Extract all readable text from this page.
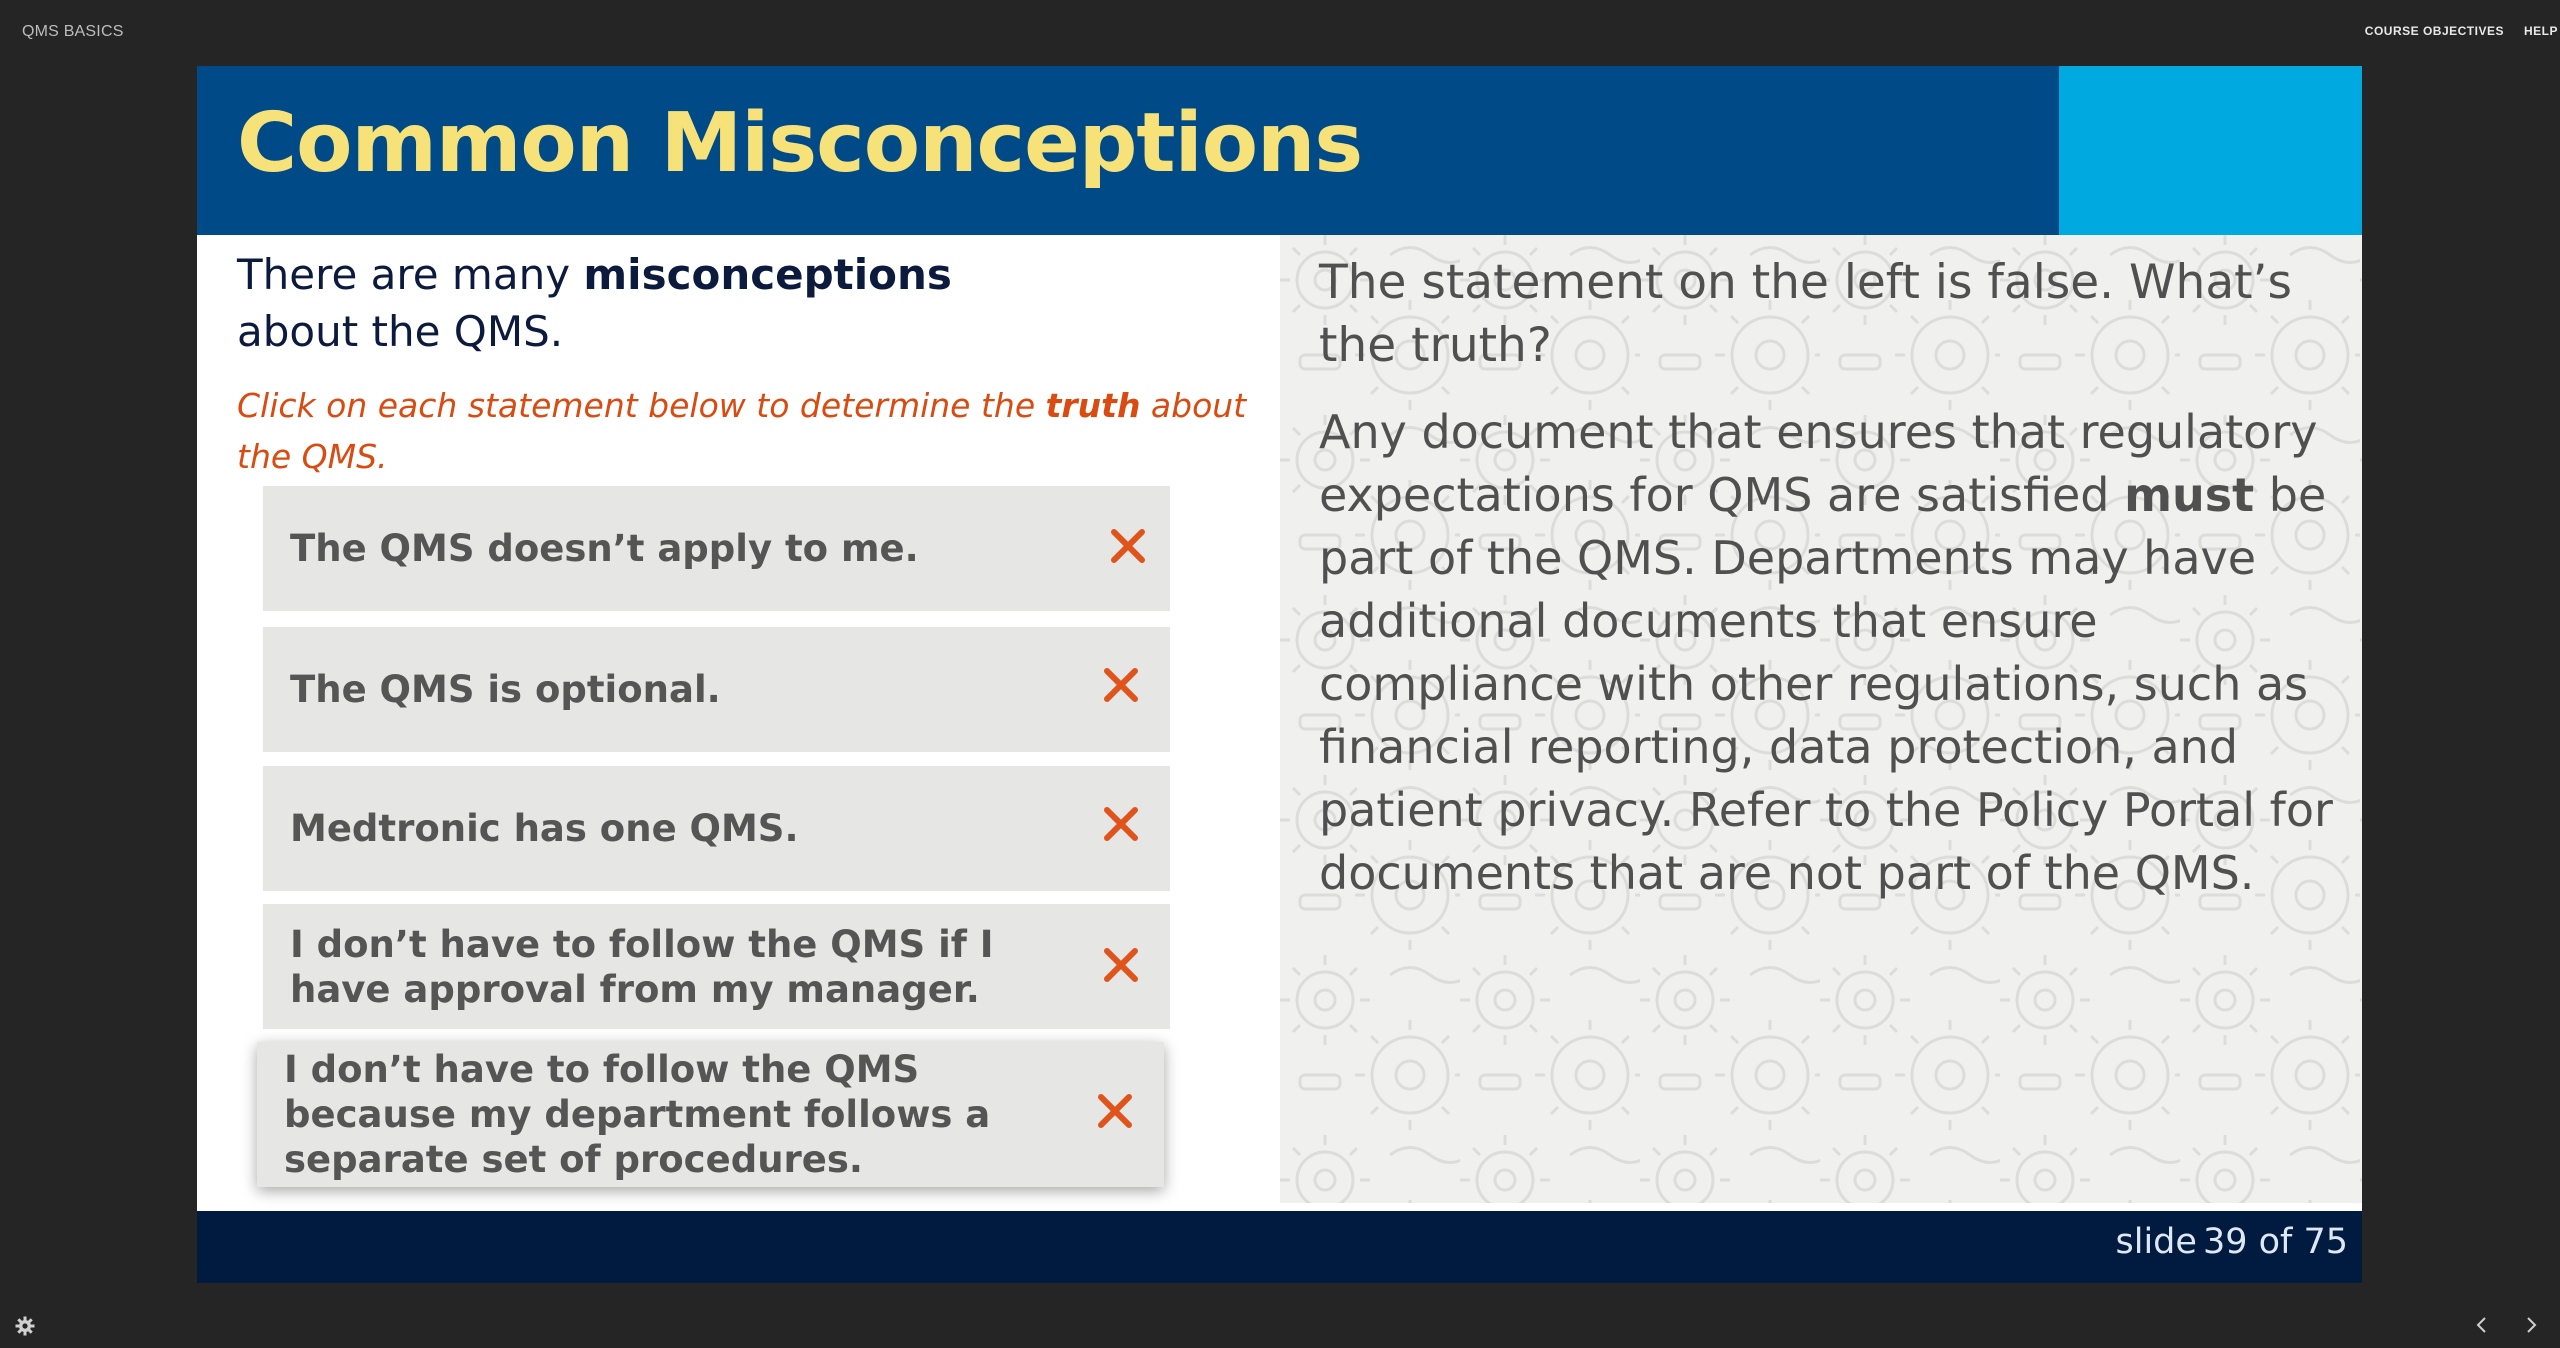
QMS BASICS	COURSE OBJECTIVES HELP
Common Misconceptions
There are many misconceptions about the QMS.
Click on each statement below to determine the truth about the QMS.
The QMS doesn’t apply to me.
The QMS is optional.
Medtronic has one QMS.
I don’t have to follow the QMS if I have approval from my manager.
I don’t have to follow the QMS because my department follows a separate set of procedures.
The statement on the left is false. What’s the truth?
Any document that ensures that regulatory expectations for QMS are satisfied must be part of the QMS. Departments may have additional documents that ensure compliance with other regulations, such as financial reporting, data protection, and patient privacy. Refer to the Policy Portal for documents that are not part of the QMS.
slide 39 of 75
